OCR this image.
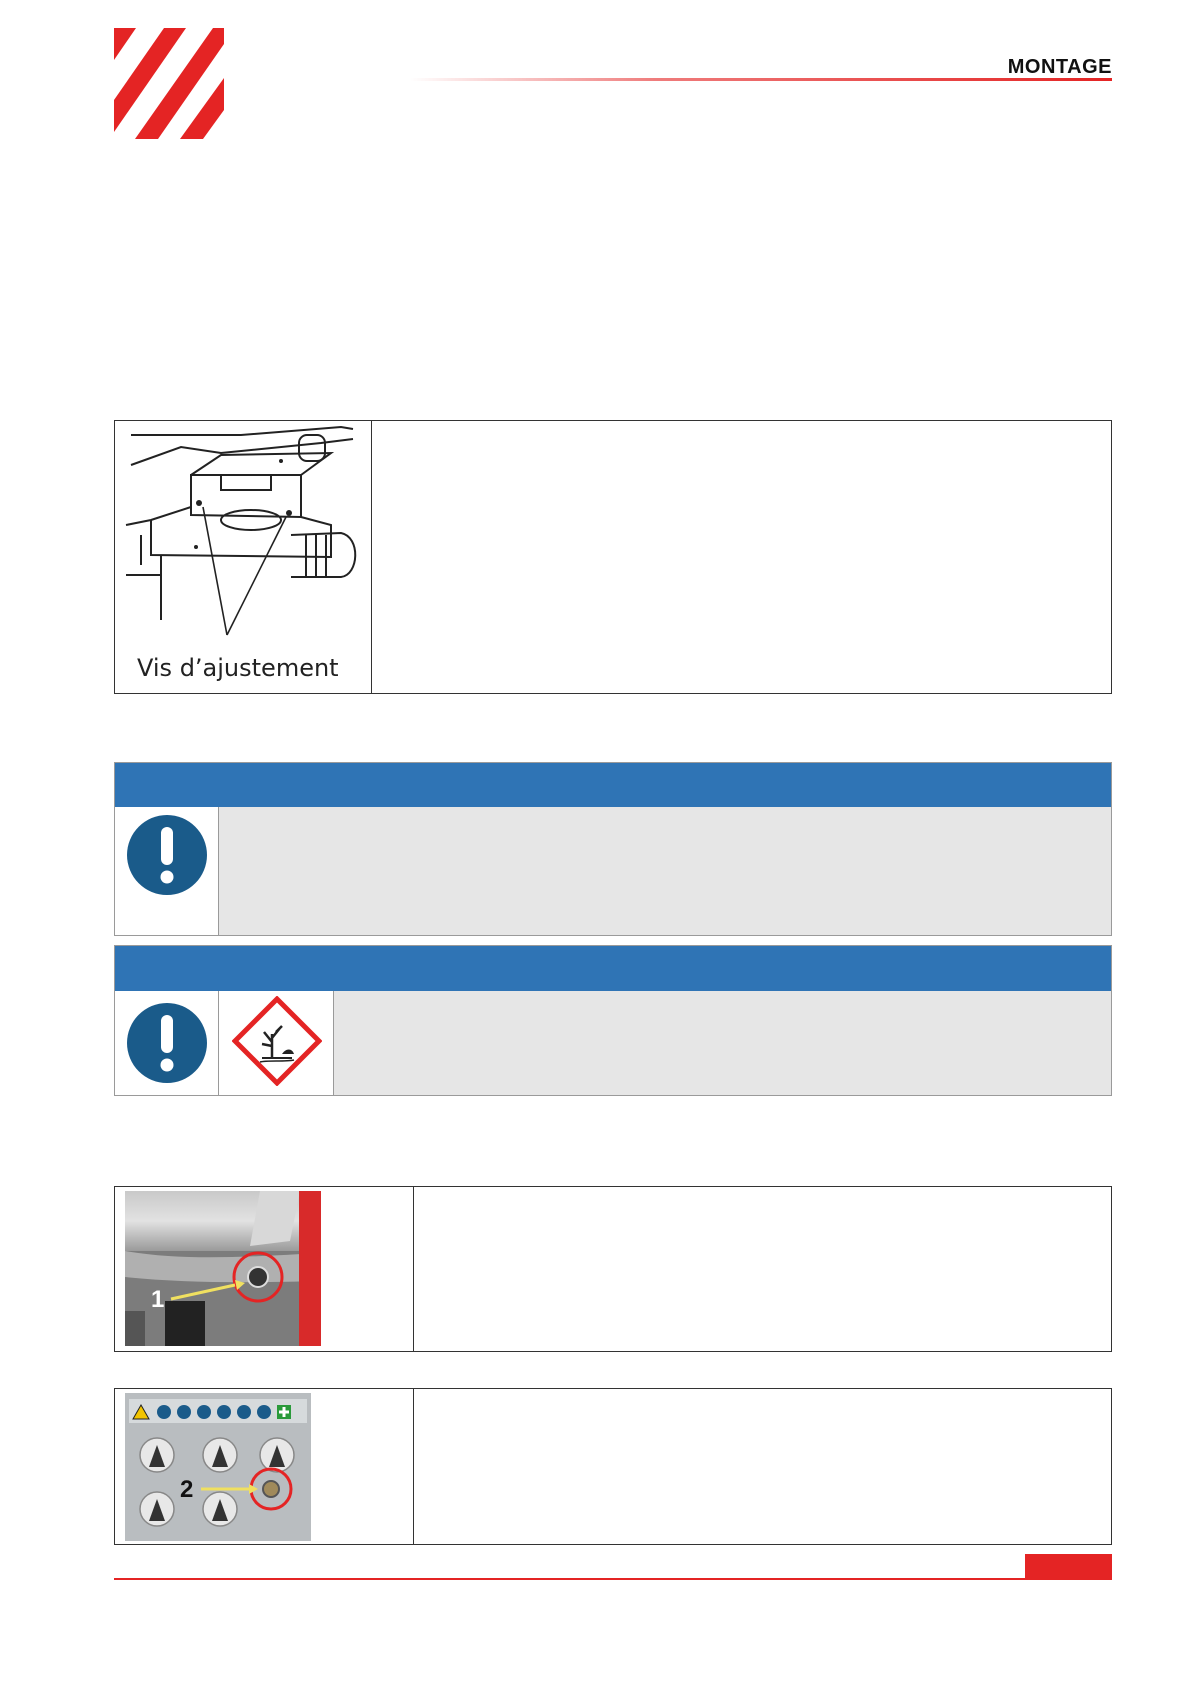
MONTAGE
Vis d’ajustement
1
2
